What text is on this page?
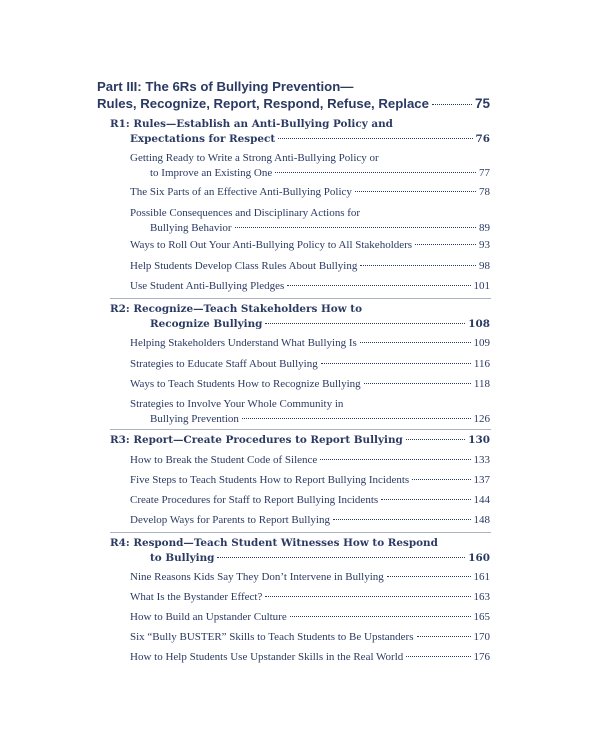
Part III: The 6Rs of Bullying Prevention—
Rules, Recognize, Report, Respond, Refuse, Replace	75
R1: Rules—Establish an Anti-Bullying Policy and
Expectations for Respect	76
Getting Ready to Write a Strong Anti-Bullying Policy or
to Improve an Existing One	77
The Six Parts of an Effective Anti-Bullying Policy	78
Possible Consequences and Disciplinary Actions for
Bullying Behavior	89
Ways to Roll Out Your Anti-Bullying Policy to All Stakeholders	93
Help Students Develop Class Rules About Bullying	98
Use Student Anti-Bullying Pledges	101
R2: Recognize—Teach Stakeholders How to
Recognize Bullying	108
Helping Stakeholders Understand What Bullying Is	109
Strategies to Educate Staff About Bullying	116
Ways to Teach Students How to Recognize Bullying	118
Strategies to Involve Your Whole Community in
Bullying Prevention	126
R3: Report—Create Procedures to Report Bullying	130
How to Break the Student Code of Silence	133
Five Steps to Teach Students How to Report Bullying Incidents	137
Create Procedures for Staff to Report Bullying Incidents	144
Develop Ways for Parents to Report Bullying	148
R4: Respond—Teach Student Witnesses How to Respond
to Bullying	160
Nine Reasons Kids Say They Don’t Intervene in Bullying	161
What Is the Bystander Effect?	163
How to Build an Upstander Culture	165
Six “Bully BUSTER” Skills to Teach Students to Be Upstanders	170
How to Help Students Use Upstander Skills in the Real World	176
